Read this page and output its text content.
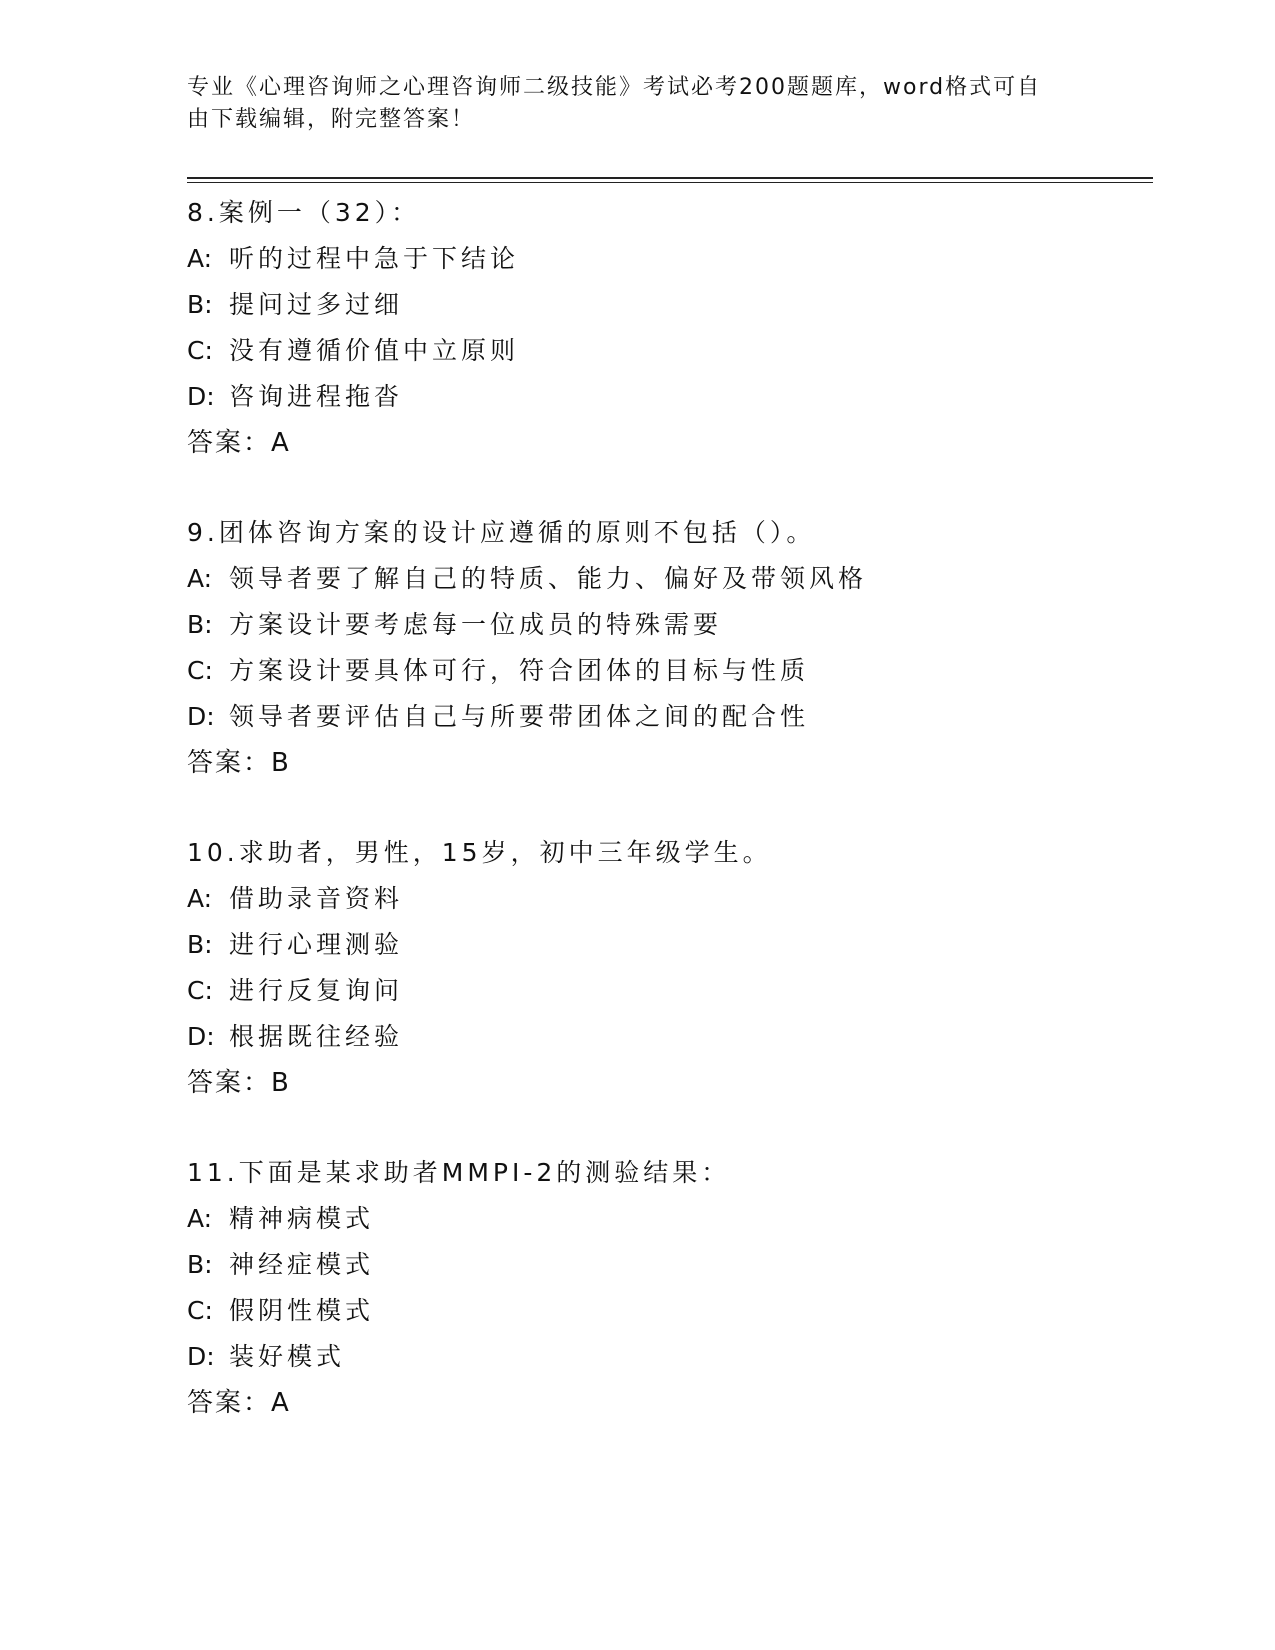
专业《心理咨询师之心理咨询师二级技能》考试必考200题题库，word格式可自
由下载编辑，附完整答案！
8.案例一（32）：
A: 听的过程中急于下结论
B: 提问过多过细
C: 没有遵循价值中立原则
D: 咨询进程拖沓
答案：A
9.团体咨询方案的设计应遵循的原则不包括（）。
A: 领导者要了解自己的特质、能力、偏好及带领风格
B: 方案设计要考虑每一位成员的特殊需要
C: 方案设计要具体可行，符合团体的目标与性质
D: 领导者要评估自己与所要带团体之间的配合性
答案：B
10.求助者，男性，15岁，初中三年级学生。
A: 借助录音资料
B: 进行心理测验
C: 进行反复询问
D: 根据既往经验
答案：B
11.下面是某求助者MMPI-2的测验结果：
A: 精神病模式
B: 神经症模式
C: 假阴性模式
D: 装好模式
答案：A
